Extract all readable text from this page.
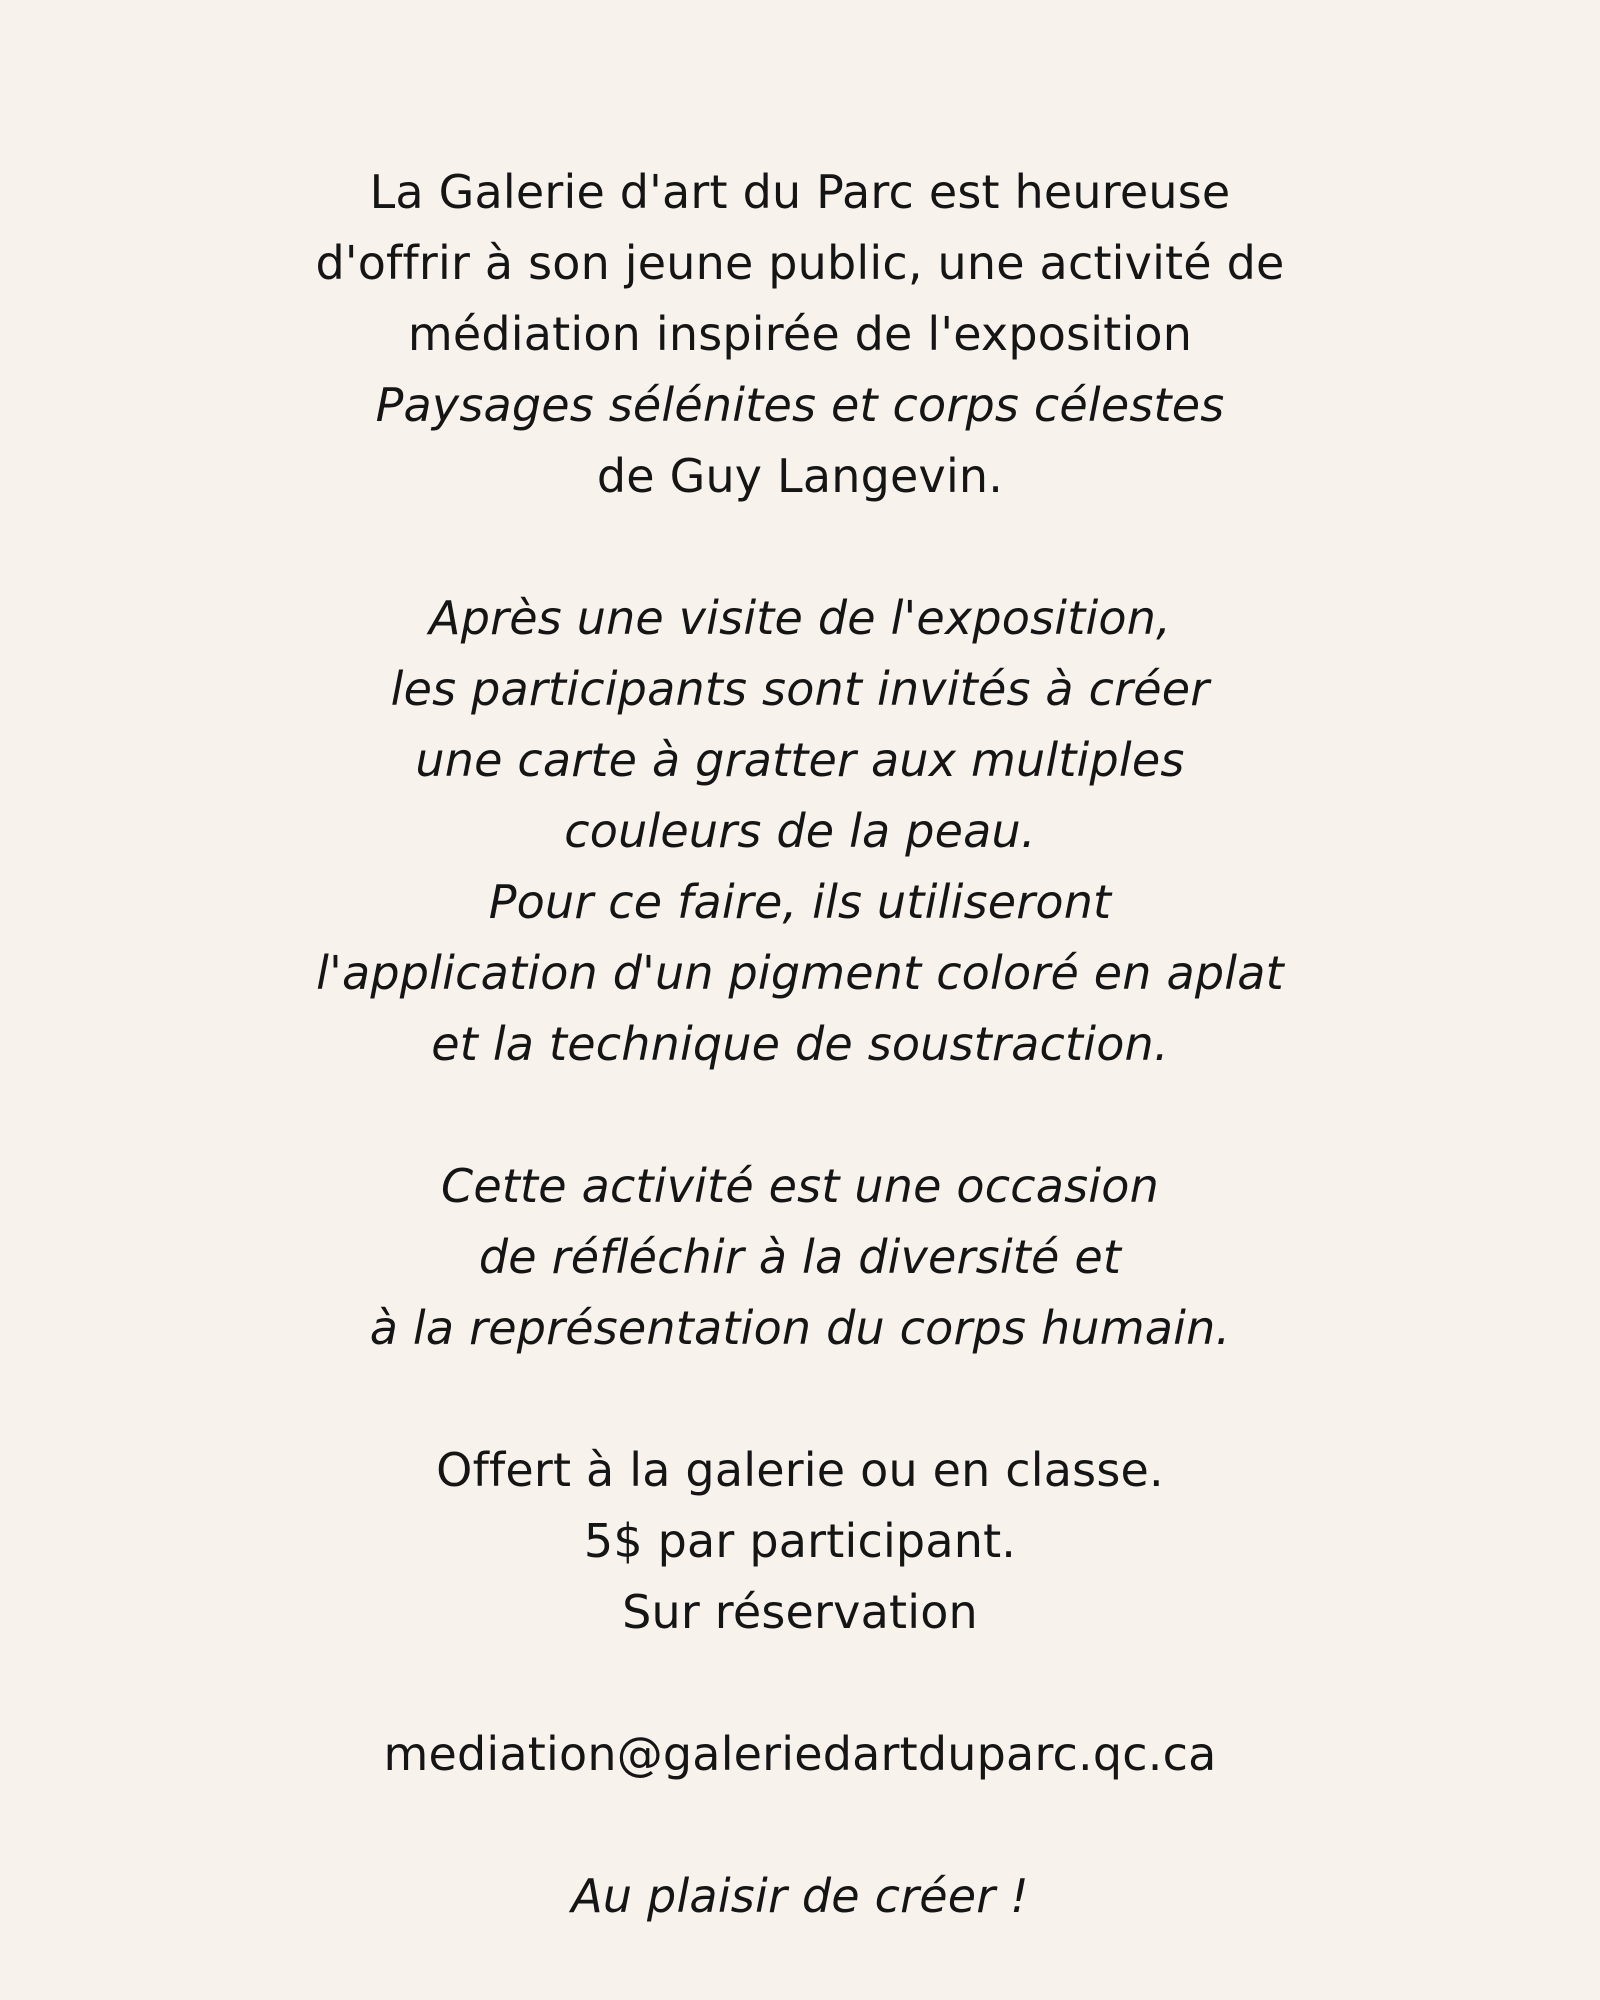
La Galerie d'art du Parc est heureuse
d'offrir à son jeune public, une activité de
médiation inspirée de l'exposition
Paysages sélénites et corps célestes
de Guy Langevin.
Après une visite de l'exposition,
les participants sont invités à créer
une carte à gratter aux multiples
couleurs de la peau.
Pour ce faire, ils utiliseront
l'application d'un pigment coloré en aplat
et la technique de soustraction.
Cette activité est une occasion
de réfléchir à la diversité et
à la représentation du corps humain.
Offert à la galerie ou en classe.
5$ par participant.
Sur réservation
mediation@galeriedartduparc.qc.ca
Au plaisir de créer !
